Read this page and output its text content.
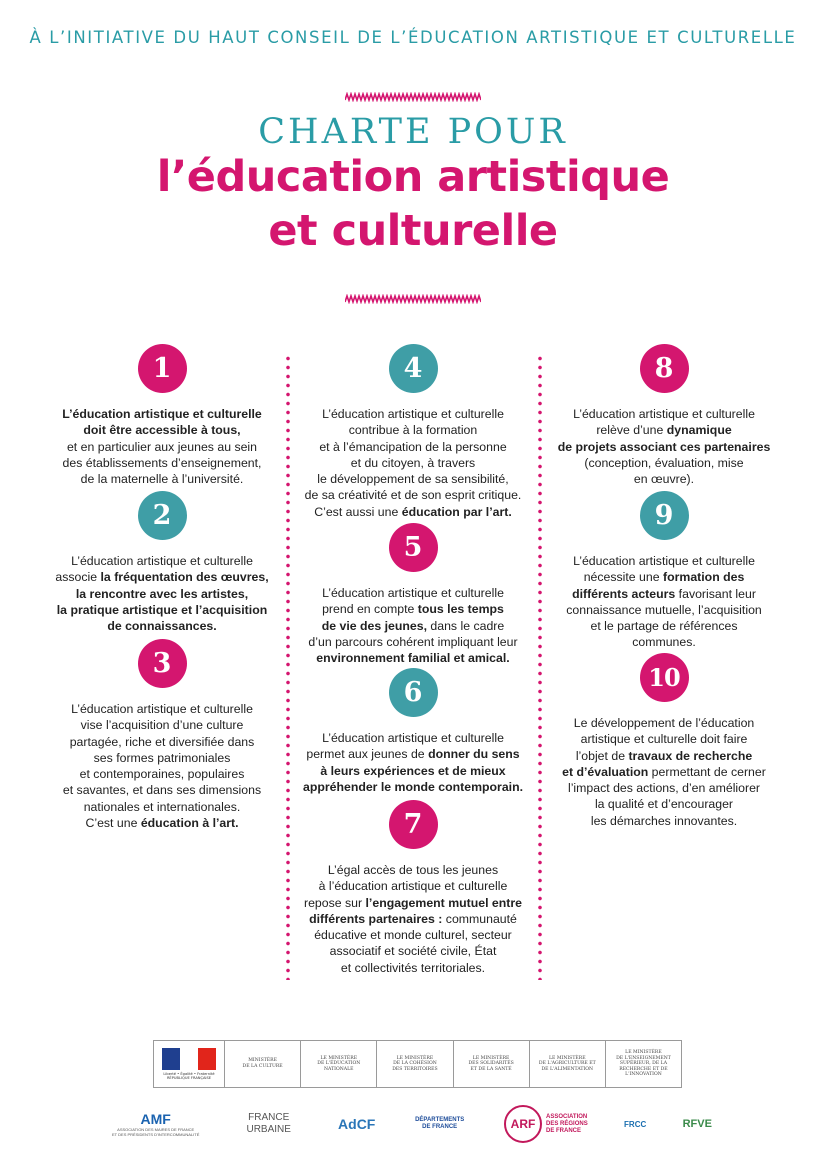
À L’INITIATIVE DU HAUT CONSEIL DE L’ÉDUCATION ARTISTIQUE ET CULTURELLE
CHARTE POUR
l’éducation artistique
et culturelle
1
L’éducation artistique et culturelle
doit être accessible à tous,
et en particulier aux jeunes au sein
des établissements d’enseignement,
de la maternelle à l’université.
2
L’éducation artistique et culturelle
associe la fréquentation des œuvres,
la rencontre avec les artistes,
la pratique artistique et l’acquisition
de connaissances.
3
L’éducation artistique et culturelle
vise l’acquisition d’une culture
partagée, riche et diversifiée dans
ses formes patrimoniales
et contemporaines, populaires
et savantes, et dans ses dimensions
nationales et internationales.
C’est une éducation à l’art.
4
L’éducation artistique et culturelle
contribue à la formation
et à l’émancipation de la personne
et du citoyen, à travers
le développement de sa sensibilité,
de sa créativité et de son esprit critique.
C’est aussi une éducation par l’art.
5
L’éducation artistique et culturelle
prend en compte tous les temps
de vie des jeunes, dans le cadre
d’un parcours cohérent impliquant leur
environnement familial et amical.
6
L’éducation artistique et culturelle
permet aux jeunes de donner du sens
à leurs expériences et de mieux
appréhender le monde contemporain.
7
L’égal accès de tous les jeunes
à l’éducation artistique et culturelle
repose sur l’engagement mutuel entre
différents partenaires : communauté
éducative et monde culturel, secteur
associatif et société civile, État
et collectivités territoriales.
8
L’éducation artistique et culturelle
relève d’une dynamique
de projets associant ces partenaires
(conception, évaluation, mise
en œuvre).
9
L’éducation artistique et culturelle
nécessite une formation des
différents acteurs favorisant leur
connaissance mutuelle, l’acquisition
et le partage de références
communes.
10
Le développement de l’éducation
artistique et culturelle doit faire
l’objet de travaux de recherche
et d’évaluation permettant de cerner
l’impact des actions, d’en améliorer
la qualité et d’encourager
les démarches innovantes.
Liberté • Égalité • Fraternité
RÉPUBLIQUE FRANÇAISE
MINISTÈRE
DE LA CULTURE
LE MINISTÈRE
DE L'ÉDUCATION
NATIONALE
LE MINISTÈRE
DE LA COHÉSION
DES TERRITOIRES
LE MINISTÈRE
DES SOLIDARITÉS
ET DE LA SANTÉ
LE MINISTÈRE
DE L'AGRICULTURE ET
DE L'ALIMENTATION
LE MINISTÈRE
DE L'ENSEIGNEMENT
SUPÉRIEUR, DE LA
RECHERCHE ET DE
L'INNOVATION
AMF
ASSOCIATION DES MAIRES DE FRANCE
ET DES PRÉSIDENTS D'INTERCOMMUNALITÉ
FRANCE URBAINE	AdCF	DÉPARTEMENTS DE FRANCE	ARF
ASSOCIATION
DES RÉGIONS
DE FRANCE
FRCC	RFVE
